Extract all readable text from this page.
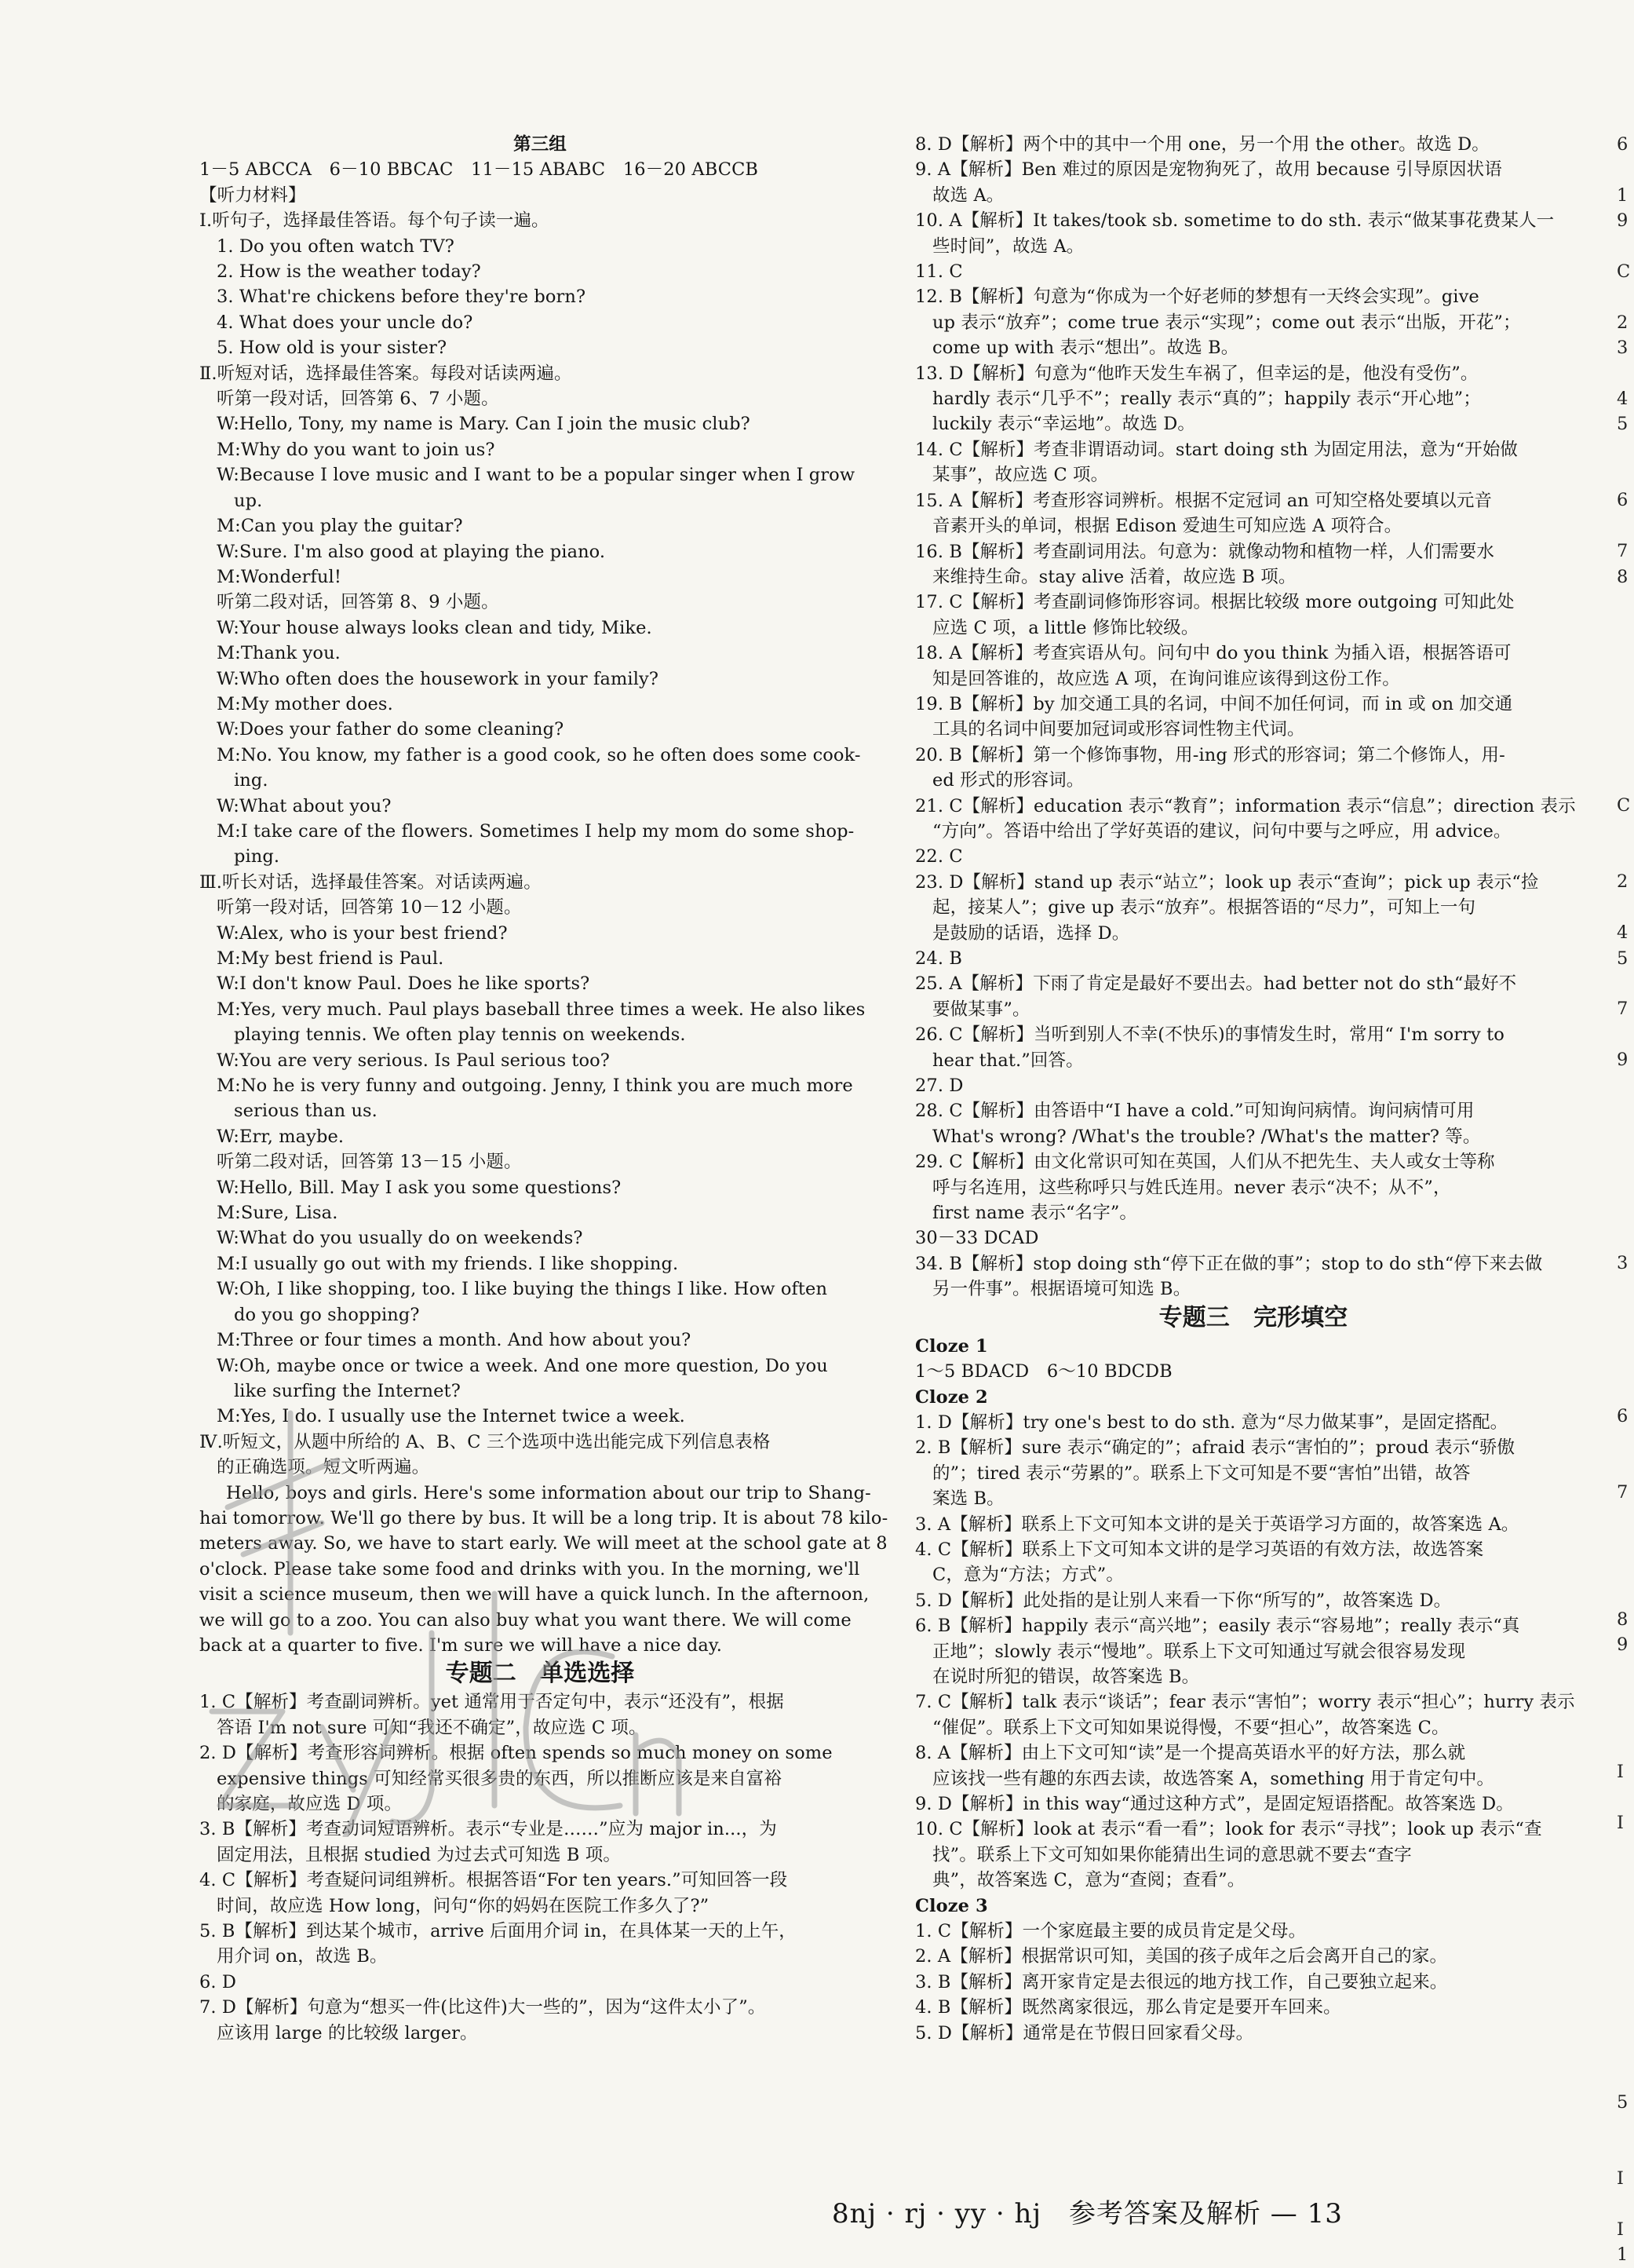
第三组
1－5 ABCCA　6－10 BBCAC　11－15 ABABC　16－20 ABCCB
【听力材料】
Ⅰ.听句子，选择最佳答语。每个句子读一遍。
1. Do you often watch TV?
2. How is the weather today?
3. What're chickens before they're born?
4. What does your uncle do?
5. How old is your sister?
Ⅱ.听短对话，选择最佳答案。每段对话读两遍。
听第一段对话，回答第 6、7 小题。
W:Hello, Tony, my name is Mary. Can I join the music club?
M:Why do you want to join us?
W:Because I love music and I want to be a popular singer when I grow
up.
M:Can you play the guitar?
W:Sure. I'm also good at playing the piano.
M:Wonderful!
听第二段对话，回答第 8、9 小题。
W:Your house always looks clean and tidy, Mike.
M:Thank you.
W:Who often does the housework in your family?
M:My mother does.
W:Does your father do some cleaning?
M:No. You know, my father is a good cook, so he often does some cook-
ing.
W:What about you?
M:I take care of the flowers. Sometimes I help my mom do some shop-
ping.
Ⅲ.听长对话，选择最佳答案。对话读两遍。
听第一段对话，回答第 10－12 小题。
W:Alex, who is your best friend?
M:My best friend is Paul.
W:I don't know Paul. Does he like sports?
M:Yes, very much. Paul plays baseball three times a week. He also likes
playing tennis. We often play tennis on weekends.
W:You are very serious. Is Paul serious too?
M:No he is very funny and outgoing. Jenny, I think you are much more
serious than us.
W:Err, maybe.
听第二段对话，回答第 13－15 小题。
W:Hello, Bill. May I ask you some questions?
M:Sure, Lisa.
W:What do you usually do on weekends?
M:I usually go out with my friends. I like shopping.
W:Oh, I like shopping, too. I like buying the things I like. How often
do you go shopping?
M:Three or four times a month. And how about you?
W:Oh, maybe once or twice a week. And one more question, Do you
like surfing the Internet?
M:Yes, I do. I usually use the Internet twice a week.
Ⅳ.听短文，从题中所给的 A、B、C 三个选项中选出能完成下列信息表格
的正确选项。短文听两遍。
Hello, boys and girls. Here's some information about our trip to Shang-
hai tomorrow. We'll go there by bus. It will be a long trip. It is about 78 kilo-
meters away. So, we have to start early. We will meet at the school gate at 8
o'clock. Please take some food and drinks with you. In the morning, we'll
visit a science museum, then we will have a quick lunch. In the afternoon,
we will go to a zoo. You can also buy what you want there. We will come
back at a quarter to five. I'm sure we will have a nice day.
专题二　单选选择
1. C【解析】考查副词辨析。yet 通常用于否定句中，表示“还没有”，根据
答语 I'm not sure 可知“我还不确定”，故应选 C 项。
2. D【解析】考查形容词辨析。根据 often spends so much money on some
expensive things 可知经常买很多贵的东西，所以推断应该是来自富裕
的家庭，故应选 D 项。
3. B【解析】考查动词短语辨析。表示“专业是……”应为 major in...，为
固定用法，且根据 studied 为过去式可知选 B 项。
4. C【解析】考查疑问词组辨析。根据答语“For ten years.”可知回答一段
时间，故应选 How long，问句“你的妈妈在医院工作多久了?”
5. B【解析】到达某个城市，arrive 后面用介词 in，在具体某一天的上午，
用介词 on，故选 B。
6. D
7. D【解析】句意为“想买一件(比这件)大一些的”，因为“这件太小了”。
应该用 large 的比较级 larger。
8. D【解析】两个中的其中一个用 one，另一个用 the other。故选 D。
9. A【解析】Ben 难过的原因是宠物狗死了，故用 because 引导原因状语
故选 A。
10. A【解析】It takes/took sb. sometime to do sth. 表示“做某事花费某人一
些时间”，故选 A。
11. C
12. B【解析】句意为“你成为一个好老师的梦想有一天终会实现”。give
up 表示“放弃”；come true 表示“实现”；come out 表示“出版，开花”；
come up with 表示“想出”。故选 B。
13. D【解析】句意为“他昨天发生车祸了，但幸运的是，他没有受伤”。
hardly 表示“几乎不”；really 表示“真的”；happily 表示“开心地”；
luckily 表示“幸运地”。故选 D。
14. C【解析】考查非谓语动词。start doing sth 为固定用法，意为“开始做
某事”，故应选 C 项。
15. A【解析】考查形容词辨析。根据不定冠词 an 可知空格处要填以元音
音素开头的单词，根据 Edison 爱迪生可知应选 A 项符合。
16. B【解析】考查副词用法。句意为：就像动物和植物一样，人们需要水
来维持生命。stay alive 活着，故应选 B 项。
17. C【解析】考查副词修饰形容词。根据比较级 more outgoing 可知此处
应选 C 项，a little 修饰比较级。
18. A【解析】考查宾语从句。问句中 do you think 为插入语，根据答语可
知是回答谁的，故应选 A 项，在询问谁应该得到这份工作。
19. B【解析】by 加交通工具的名词，中间不加任何词，而 in 或 on 加交通
工具的名词中间要加冠词或形容词性物主代词。
20. B【解析】第一个修饰事物，用-ing 形式的形容词；第二个修饰人，用-
ed 形式的形容词。
21. C【解析】education 表示“教育”；information 表示“信息”；direction 表示
“方向”。答语中给出了学好英语的建议，问句中要与之呼应，用 advice。
22. C
23. D【解析】stand up 表示“站立”；look up 表示“查询”；pick up 表示“捡
起，接某人”；give up 表示“放弃”。根据答语的“尽力”，可知上一句
是鼓励的话语，选择 D。
24. B
25. A【解析】下雨了肯定是最好不要出去。had better not do sth“最好不
要做某事”。
26. C【解析】当听到别人不幸(不快乐)的事情发生时，常用“ I'm sorry to
hear that.”回答。
27. D
28. C【解析】由答语中“I have a cold.”可知询问病情。询问病情可用
What's wrong? /What's the trouble? /What's the matter? 等。
29. C【解析】由文化常识可知在英国，人们从不把先生、夫人或女士等称
呼与名连用，这些称呼只与姓氏连用。never 表示“决不；从不”，
first name 表示“名字”。
30－33 DCAD
34. B【解析】stop doing sth“停下正在做的事”；stop to do sth“停下来去做
另一件事”。根据语境可知选 B。
专题三　完形填空
Cloze 1
1～5 BDACD　6～10 BDCDB
Cloze 2
1. D【解析】try one's best to do sth. 意为“尽力做某事”，是固定搭配。
2. B【解析】sure 表示“确定的”；afraid 表示“害怕的”；proud 表示“骄傲
的”；tired 表示“劳累的”。联系上下文可知是不要“害怕”出错，故答
案选 B。
3. A【解析】联系上下文可知本文讲的是关于英语学习方面的，故答案选 A。
4. C【解析】联系上下文可知本文讲的是学习英语的有效方法，故选答案
C，意为“方法；方式”。
5. D【解析】此处指的是让别人来看一下你“所写的”，故答案选 D。
6. B【解析】happily 表示“高兴地”；easily 表示“容易地”；really 表示“真
正地”；slowly 表示“慢地”。联系上下文可知通过写就会很容易发现
在说时所犯的错误，故答案选 B。
7. C【解析】talk 表示“谈话”；fear 表示“害怕”；worry 表示“担心”；hurry 表示
“催促”。联系上下文可知如果说得慢，不要“担心”，故答案选 C。
8. A【解析】由上下文可知“读”是一个提高英语水平的好方法，那么就
应该找一些有趣的东西去读，故选答案 A，something 用于肯定句中。
9. D【解析】in this way“通过这种方式”，是固定短语搭配。故答案选 D。
10. C【解析】look at 表示“看一看”；look for 表示“寻找”；look up 表示“查
找”。联系上下文可知如果你能猜出生词的意思就不要去“查字
典”，故答案选 C，意为“查阅；查看”。
Cloze 3
1. C【解析】一个家庭最主要的成员肯定是父母。
2. A【解析】根据常识可知，美国的孩子成年之后会离开自己的家。
3. B【解析】离开家肯定是去很远的地方找工作，自己要独立起来。
4. B【解析】既然离家很远，那么肯定是要开车回来。
5. D【解析】通常是在节假日回家看父母。
6
1
9
C
2
3
4
5
6
7
8
C
2
4
5
7
9
3
6
7
8
9
I
I
5
I
I
1
8nj · rj · yy · hj　参考答案及解析 — 13
